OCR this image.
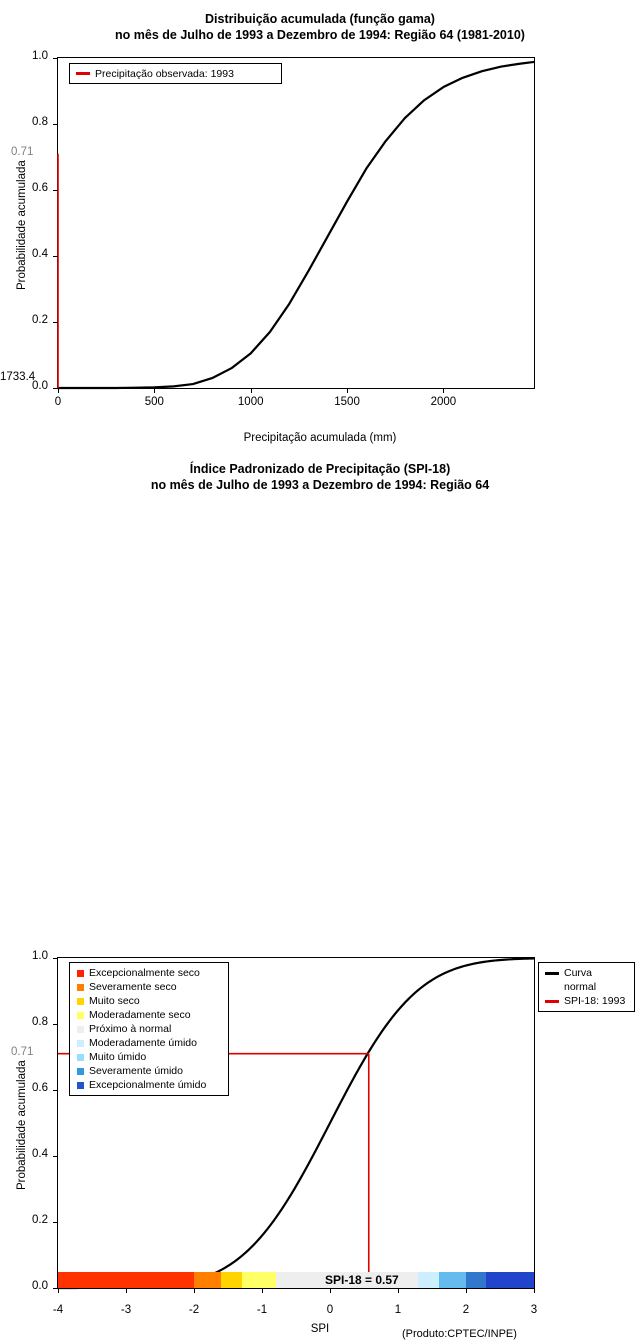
Distribuição acumulada (função gama)
no mês de Julho de 1993 a Dezembro de 1994: Região 64 (1981-2010)
Probabilidade acumulada
Precipitação acumulada (mm)
0.71
1733.4
Precipitação observada: 1993
0	500	1000	1500	2000
0.0
0.2
0.4
0.6
0.8
1.0
Índice Padronizado de Precipitação (SPI-18)
no mês de Julho de 1993 a Dezembro de 1994: Região 64
Probabilidade acumulada
SPI
0.71
Excepcionalmente seco
Severamente seco
Muito seco
Moderadamente seco
Próximo à normal
Moderadamente úmido
Muito úmido
Severamente úmido
Excepcionalmente úmido
Curva
normal
SPI-18: 1993
SPI-18 = 0.57
(Produto:CPTEC/INPE)
-4	-3	-2	-1	0	1	2	3
0.0
0.2
0.4
0.6
0.8
1.0
